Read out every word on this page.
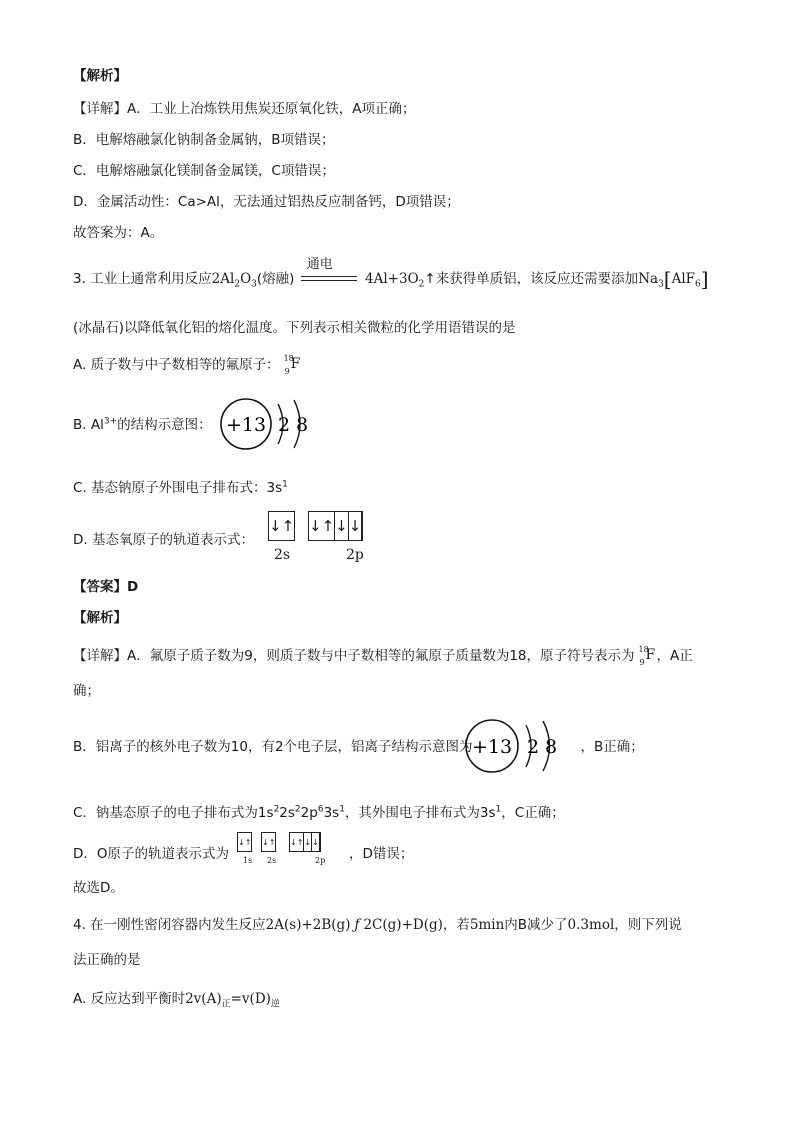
【解析】
【详解】A．工业上冶炼铁用焦炭还原氧化铁，A项正确；
B．电解熔融氯化钠制备金属钠，B项错误；
C．电解熔融氯化镁制备金属镁，C项错误；
D．金属活动性：Ca>Al，无法通过铝热反应制备钙，D项错误；
故答案为：A。
3. 工业上通常利用反应$2Al_2O_3$(熔融)
通电
$4Al+3O_2↑$来获得单质铝，该反应还需要添加$Na_3[AlF_6]$
(冰晶石)以降低氧化铝的熔化温度。下列表示相关微粒的化学用语错误的是
A. 质子数与中子数相等的氟原子： 18
9 F
B. $Al^{3+}$的结构示意图： +13 2 8
C. 基态钠原子外围电子排布式：$3s^1$
D. 基态氧原子的轨道表示式：
↓↑ ↓↑	↓	↓	
2s	2p
【答案】D
【解析】
【详解】A．氟原子质子数为9，则质子数与中子数相等的氟原子质量数为18，原子符号表示为 18
9 F ，A正
确；
B．铝离子的核外电子数为10，有2个电子层，铝离子结构示意图为	，B正确；
+13 2 8
C．钠基态原子的电子排布式为$1s^22s^22p^63s^1$，其外围电子排布式为$3s^1$，C正确；
D．O原子的轨道表示式为	，D错误；
↓↑ ↓↑ ↓↑	↓	↓	
1s 2s	2p
故选D。
4. 在一刚性密闭容器内发生反应2A(s)+2B(g) ƒ 2C(g)+D(g)，若5min内B减少了0.3mol，则下列说
法正确的是
A. 反应达到平衡时$2v(A)_正=v(D)_逆$
